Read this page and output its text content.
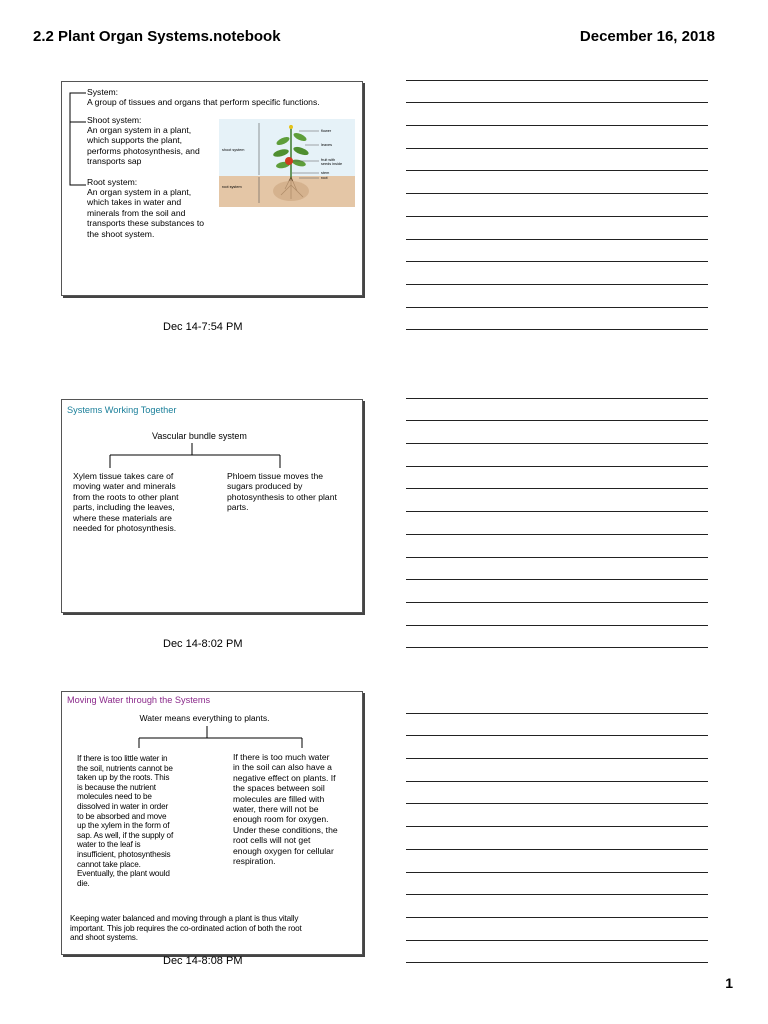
2.2 Plant Organ Systems.notebook	December 16, 2018
System:
A group of tissues and organs that perform specific functions.
Shoot system:
An organ system in a plant,
which supports the plant,
performs photosynthesis, and
transports sap
Root system:
An organ system in a plant,
which takes in water and
minerals from the soil and
transports these substances to
the shoot system.
shoot system
root system
flower
leaves
fruit with
seeds inside
stem
root
Dec 14-7:54 PM
Systems Working Together
Vascular bundle system
Xylem tissue takes care of
moving water and minerals
from the roots to other plant
parts, including the leaves,
where these materials are
needed for photosynthesis.
Phloem tissue moves the
sugars produced by
photosynthesis to other plant
parts.
Dec 14-8:02 PM
Moving Water through the Systems
Water means everything to plants.
If there is too little water in
the soil, nutrients cannot be
taken up by the roots. This
is because the nutrient
molecules need to be
dissolved in water in order
to be absorbed and move
up the xylem in the form of
sap. As well, if the supply of
water to the leaf is
insufficient, photosynthesis
cannot take place.
Eventually, the plant would
die.
If there is too much water
in the soil can also have a
negative effect on plants. If
the spaces between soil
molecules are filled with
water, there will not be
enough room for oxygen.
Under these conditions, the
root cells will not get
enough oxygen for cellular
respiration.
Keeping water balanced and moving through a plant is thus vitally
important. This job requires the co-ordinated action of both the root
and shoot systems.
Dec 14-8:08 PM
1
